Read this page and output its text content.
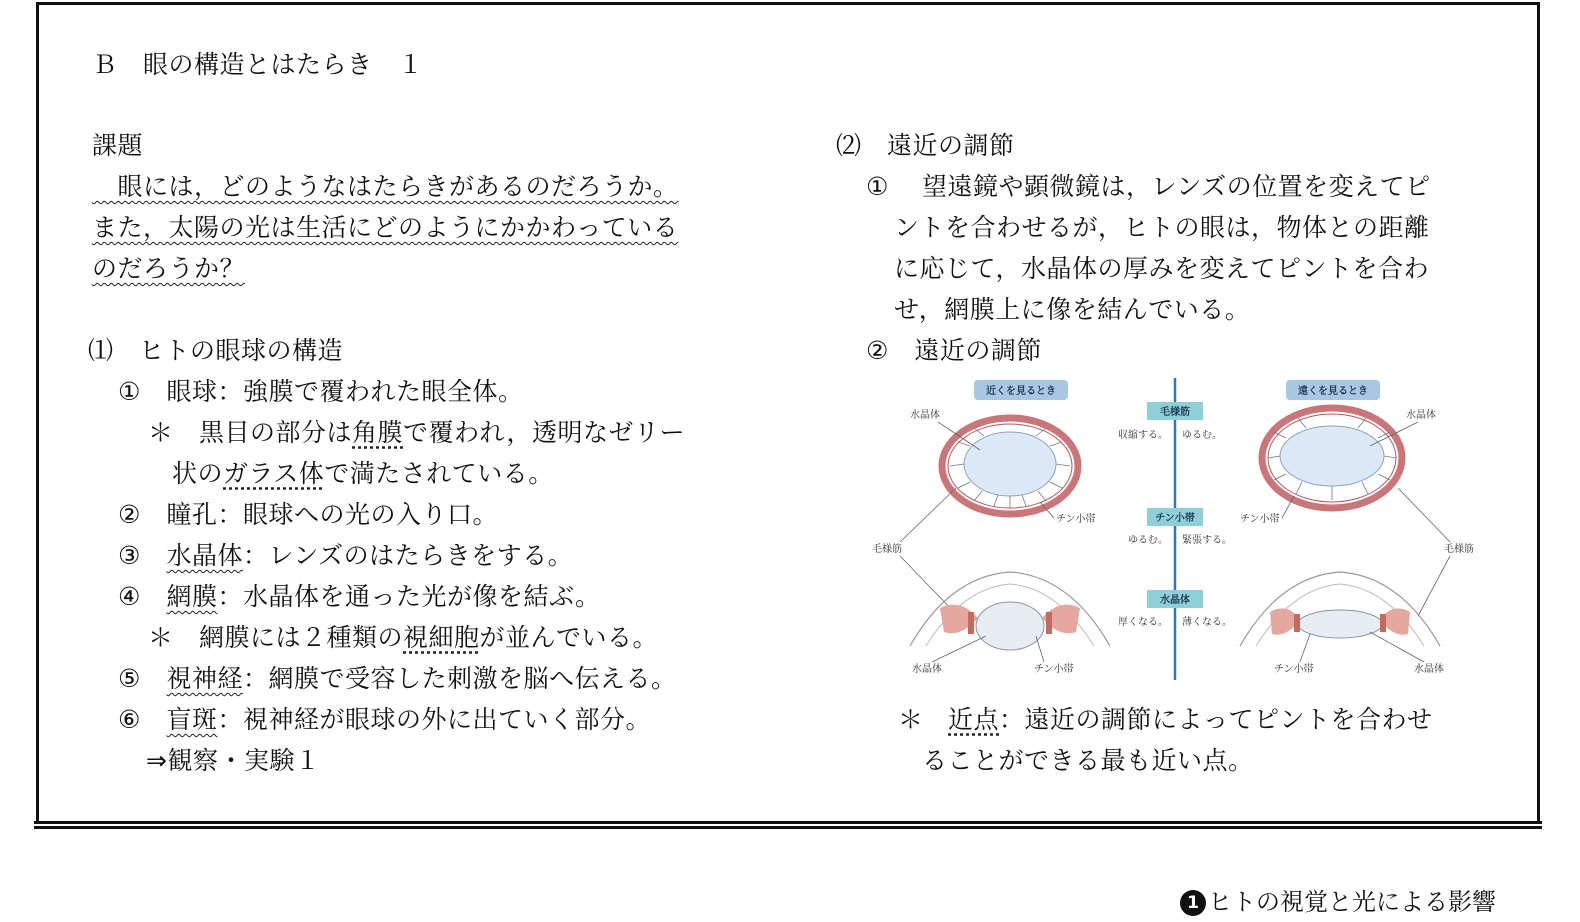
Ｂ　眼の構造とはたらき　１
課題
　眼には，どのようなはたらきがあるのだろうか。
また，太陽の光は生活にどのようにかかわっている
のだろうか？
⑴　ヒトの眼球の構造
①　 眼球：強膜で覆われた眼全体。
＊　黒目の部分は角膜で覆われ，透明なゼリー
状のガラス体で満たされている。
②　 瞳孔：眼球への光の入り口。
③　 水晶体：レンズのはたらきをする。
④　 網膜：水晶体を通った光が像を結ぶ。
＊　網膜には２種類の視細胞が並んでいる。
⑤　 視神経：網膜で受容した刺激を脳へ伝える。
⑥　 盲斑：視神経が眼球の外に出ていく部分。
⇒観察・実験１
⑵　遠近の調節
① 望遠鏡や顕微鏡は，レンズの位置を変えてピ
ントを合わせるが，ヒトの眼は，物体との距離
に応じて，水晶体の厚みを変えてピントを合わ
せ，網膜上に像を結んでいる。
②　遠近の調節
近くを見るとき	遠くを見るとき
毛様筋
収縮する。 ゆるむ。
チン小帯
ゆるむ。 緊張する。
水晶体
厚くなる。 薄くなる。
水晶体
チン小帯
水晶体
チン小帯
毛様筋	毛様筋
水晶体	チン小帯	チン小帯	水晶体
＊ 近点：遠近の調節によってピントを合わせ
ることができる最も近い点。
1 ヒトの視覚と光による影響
